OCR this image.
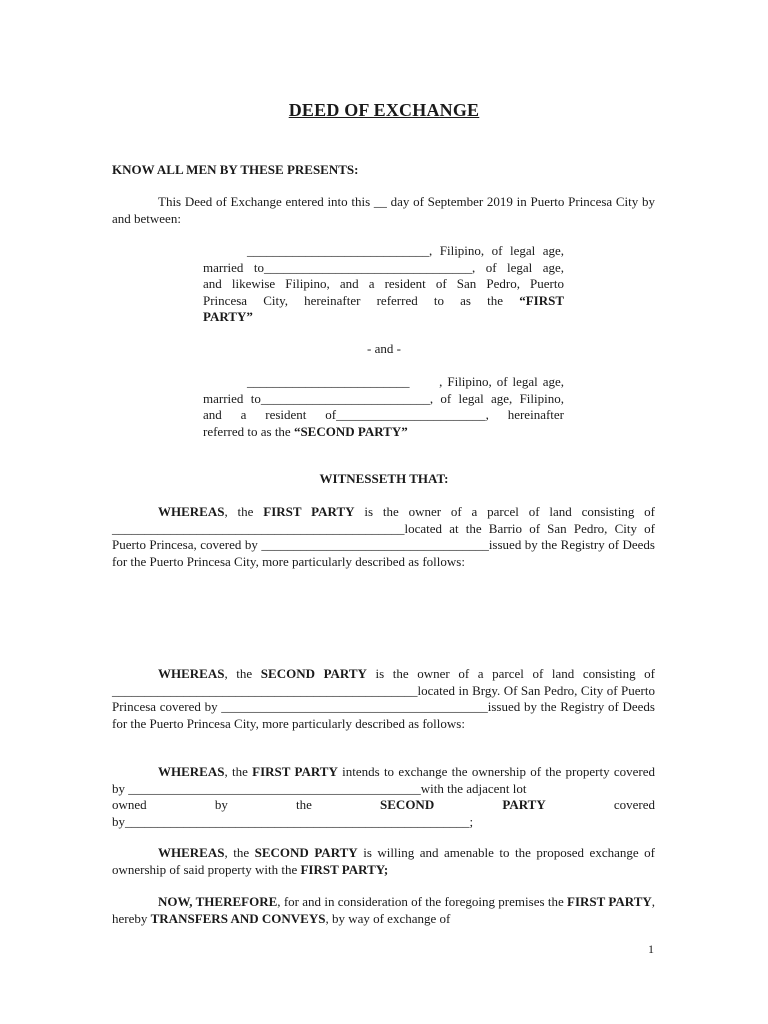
DEED OF EXCHANGE
KNOW ALL MEN BY THESE PRESENTS:
This Deed of Exchange entered into this __ day of September 2019 in Puerto Princesa City by and between:
____________________________, Filipino, of legal age,
married to________________________________, of legal age,
and likewise Filipino, and a resident of San Pedro, Puerto
Princesa City, hereinafter referred to as the “FIRST
PARTY”
- and -
_________________________      , Filipino, of legal age,
married to__________________________, of legal age, Filipino,
and a resident of_______________________, hereinafter
referred to as the “SECOND PARTY”
WITNESSETH THAT:
WHEREAS, the FIRST PARTY is the owner of a parcel of land consisting of _____________________________________________located at the Barrio of San Pedro, City of Puerto Princesa, covered by ___________________________________issued by the Registry of Deeds for the Puerto Princesa City, more particularly described as follows:
WHEREAS, the SECOND PARTY is the owner of a parcel of land consisting of _______________________________________________located in Brgy. Of San Pedro, City of Puerto Princesa covered by _________________________________________issued by the Registry of Deeds for the Puerto Princesa City, more particularly described as follows:
WHEREAS, the FIRST PARTY intends to exchange the ownership of the property covered by _____________________________________________with the adjacent lot
owned	by	the	SECOND	PARTY	covered
by_____________________________________________________;
WHEREAS, the SECOND PARTY is willing and amenable to the proposed exchange of ownership of said property with the FIRST PARTY;
NOW, THEREFORE, for and in consideration of the foregoing premises the FIRST PARTY, hereby TRANSFERS AND CONVEYS, by way of exchange of
1
